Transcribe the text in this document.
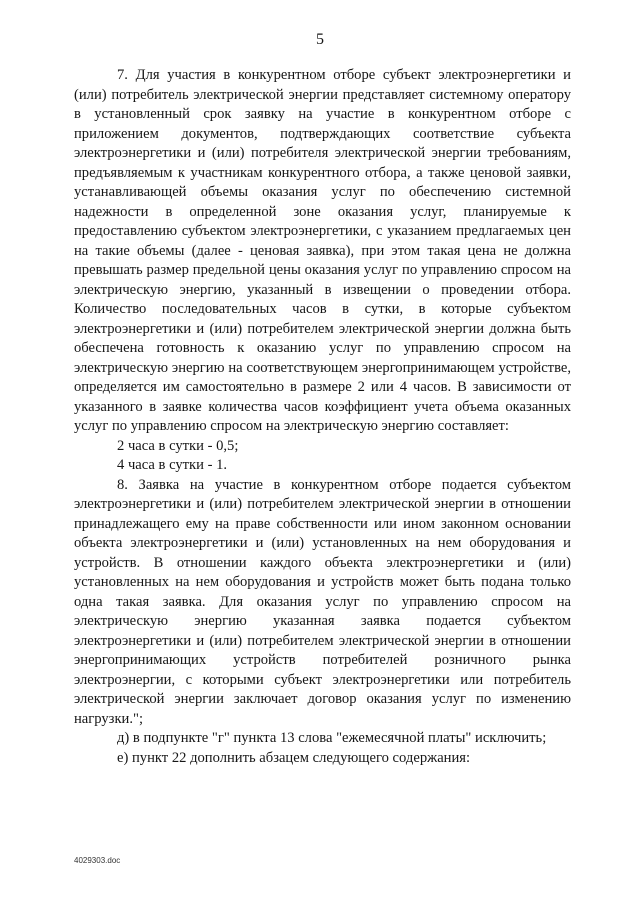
5

7. Для участия в конкурентном отборе субъект электроэнергетики и (или) потребитель электрической энергии представляет системному оператору в установленный срок заявку на участие в конкурентном отборе с приложением документов, подтверждающих соответствие субъекта электроэнергетики и (или) потребителя электрической энергии требованиям, предъявляемым к участникам конкурентного отбора, а также ценовой заявки, устанавливающей объемы оказания услуг по обеспечению системной надежности в определенной зоне оказания услуг, планируемые к предоставлению субъектом электроэнергетики, с указанием предлагаемых цен на такие объемы (далее - ценовая заявка), при этом такая цена не должна превышать размер предельной цены оказания услуг по управлению спросом на электрическую энергию, указанный в извещении о проведении отбора. Количество последовательных часов в сутки, в которые субъектом электроэнергетики и (или) потребителем электрической энергии должна быть обеспечена готовность к оказанию услуг по управлению спросом на электрическую энергию на соответствующем энергопринимающем устройстве, определяется им самостоятельно в размере 2 или 4 часов. В зависимости от указанного в заявке количества часов коэффициент учета объема оказанных услуг по управлению спросом на электрическую энергию составляет:

2 часа в сутки - 0,5;

4 часа в сутки - 1.

8. Заявка на участие в конкурентном отборе подается субъектом электроэнергетики и (или) потребителем электрической энергии в отношении принадлежащего ему на праве собственности или ином законном основании объекта электроэнергетики и (или) установленных на нем оборудования и устройств. В отношении каждого объекта электроэнергетики и (или) установленных на нем оборудования и устройств может быть подана только одна такая заявка. Для оказания услуг по управлению спросом на электрическую энергию указанная заявка подается субъектом электроэнергетики и (или) потребителем электрической энергии в отношении энергопринимающих устройств потребителей розничного рынка электроэнергии, с которыми субъект электроэнергетики или потребитель электрической энергии заключает договор оказания услуг по изменению нагрузки.";

д) в подпункте "г" пункта 13 слова "ежемесячной платы" исключить;

е) пункт 22 дополнить абзацем следующего содержания:

4029303.doc
